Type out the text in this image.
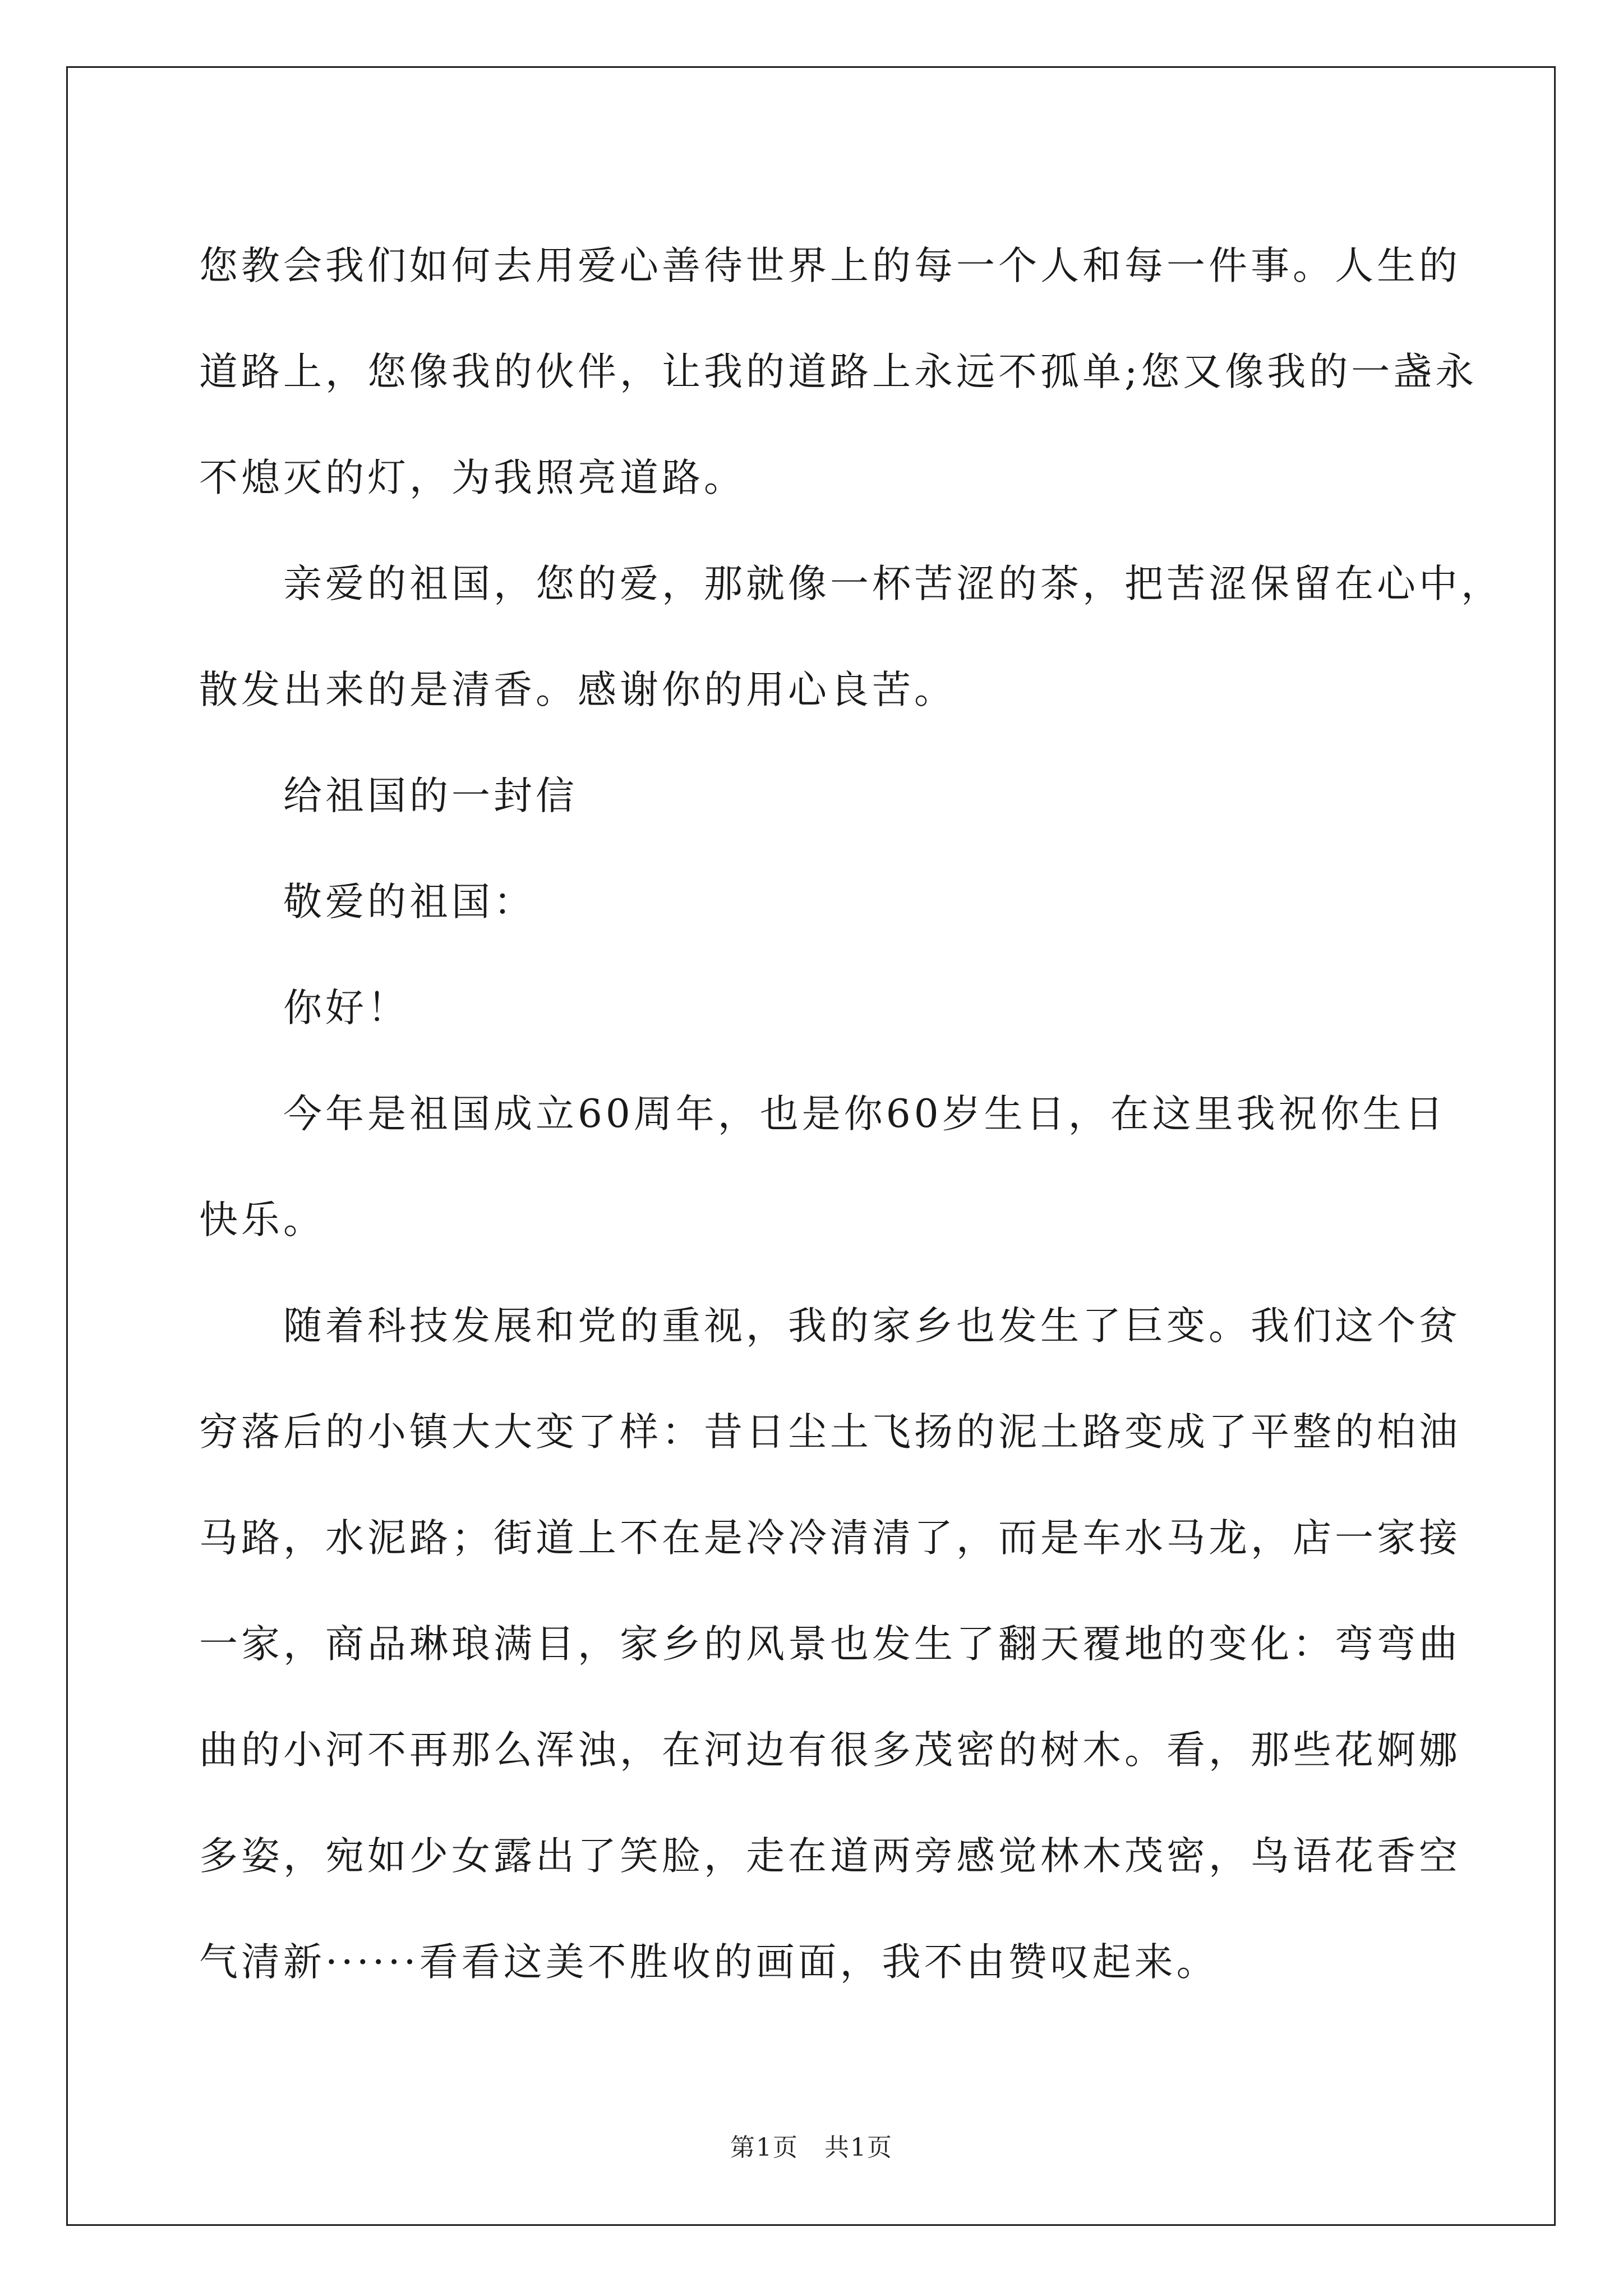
您教会我们如何去用爱心善待世界上的每一个人和每一件事。人生的
道路上，您像我的伙伴，让我的道路上永远不孤单;您又像我的一盏永
不熄灭的灯，为我照亮道路。

亲爱的祖国，您的爱，那就像一杯苦涩的茶，把苦涩保留在心中，
散发出来的是清香。感谢你的用心良苦。

给祖国的一封信

敬爱的祖国：

你好！

今年是祖国成立60周年，也是你60岁生日，在这里我祝你生日
快乐。

随着科技发展和党的重视，我的家乡也发生了巨变。我们这个贫
穷落后的小镇大大变了样：昔日尘土飞扬的泥土路变成了平整的柏油
马路，水泥路；街道上不在是冷冷清清了，而是车水马龙，店一家接
一家，商品琳琅满目，家乡的风景也发生了翻天覆地的变化：弯弯曲
曲的小河不再那么浑浊，在河边有很多茂密的树木。看，那些花婀娜
多姿，宛如少女露出了笑脸，走在道两旁感觉林木茂密，鸟语花香空
气清新······看看这美不胜收的画面，我不由赞叹起来。

第1页　共1页
